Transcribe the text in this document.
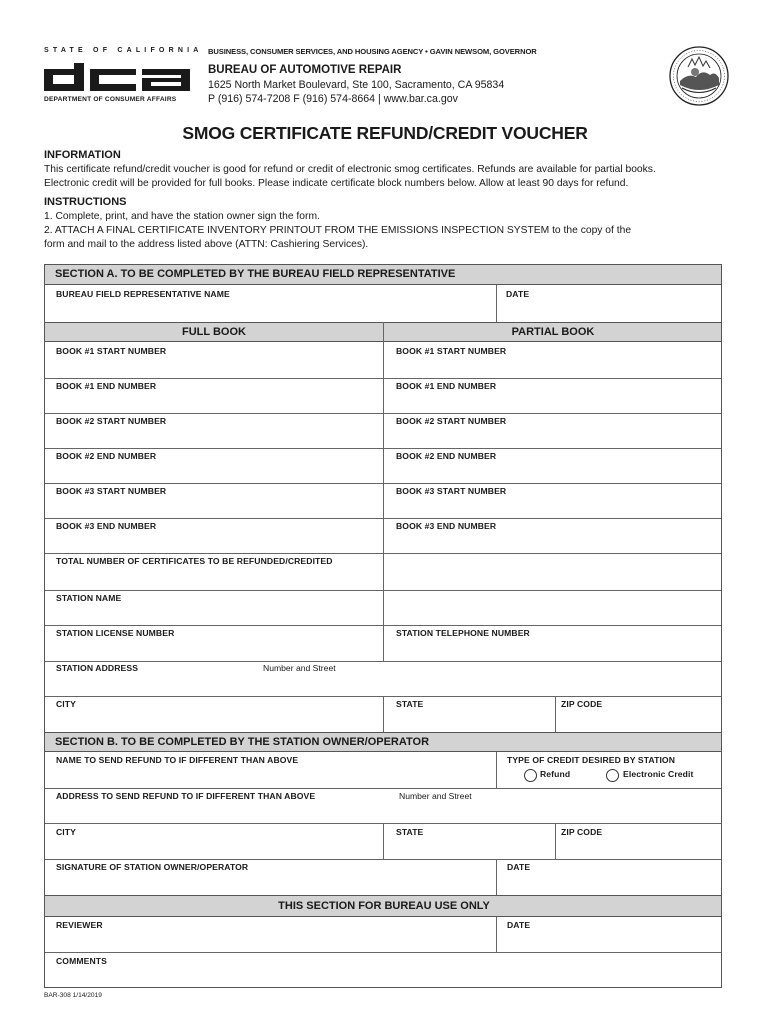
STATE OF CALIFORNIA
DEPARTMENT OF CONSUMER AFFAIRS
BUSINESS, CONSUMER SERVICES, AND HOUSING AGENCY • GAVIN NEWSOM, GOVERNOR
BUREAU OF AUTOMOTIVE REPAIR
1625 North Market Boulevard, Ste 100, Sacramento, CA 95834
P (916) 574-7208 F (916) 574-8664 | www.bar.ca.gov
SMOG CERTIFICATE REFUND/CREDIT VOUCHER
INFORMATION
This certificate refund/credit voucher is good for refund or credit of electronic smog certificates. Refunds are available for partial books.
Electronic credit will be provided for full books. Please indicate certificate block numbers below. Allow at least 90 days for refund.
INSTRUCTIONS
1. Complete, print, and have the station owner sign the form.
2. ATTACH A FINAL CERTIFICATE INVENTORY PRINTOUT FROM THE EMISSIONS INSPECTION SYSTEM to the copy of the
form and mail to the address listed above (ATTN: Cashiering Services).
SECTION A. TO BE COMPLETED BY THE BUREAU FIELD REPRESENTATIVE
BUREAU FIELD REPRESENTATIVE NAME	DATE
FULL BOOK	PARTIAL BOOK
BOOK #1 START NUMBER	BOOK #1 START NUMBER
BOOK #1 END NUMBER	BOOK #1 END NUMBER
BOOK #2 START NUMBER	BOOK #2 START NUMBER
BOOK #2 END NUMBER	BOOK #2 END NUMBER
BOOK #3 START NUMBER	BOOK #3 START NUMBER
BOOK #3 END NUMBER	BOOK #3 END NUMBER
TOTAL NUMBER OF CERTIFICATES TO BE REFUNDED/CREDITED
STATION NAME
STATION LICENSE NUMBER	STATION TELEPHONE NUMBER
STATION ADDRESS	Number and Street
CITY	STATE	ZIP CODE
SECTION B. TO BE COMPLETED BY THE STATION OWNER/OPERATOR
NAME TO SEND REFUND TO IF DIFFERENT THAN ABOVE	TYPE OF CREDIT DESIRED BY STATION
Refund	Electronic Credit
ADDRESS TO SEND REFUND TO IF DIFFERENT THAN ABOVE	Number and Street
CITY	STATE	ZIP CODE
SIGNATURE OF STATION OWNER/OPERATOR	DATE
THIS SECTION FOR BUREAU USE ONLY
REVIEWER	DATE
COMMENTS
BAR-308 1/14/2019
